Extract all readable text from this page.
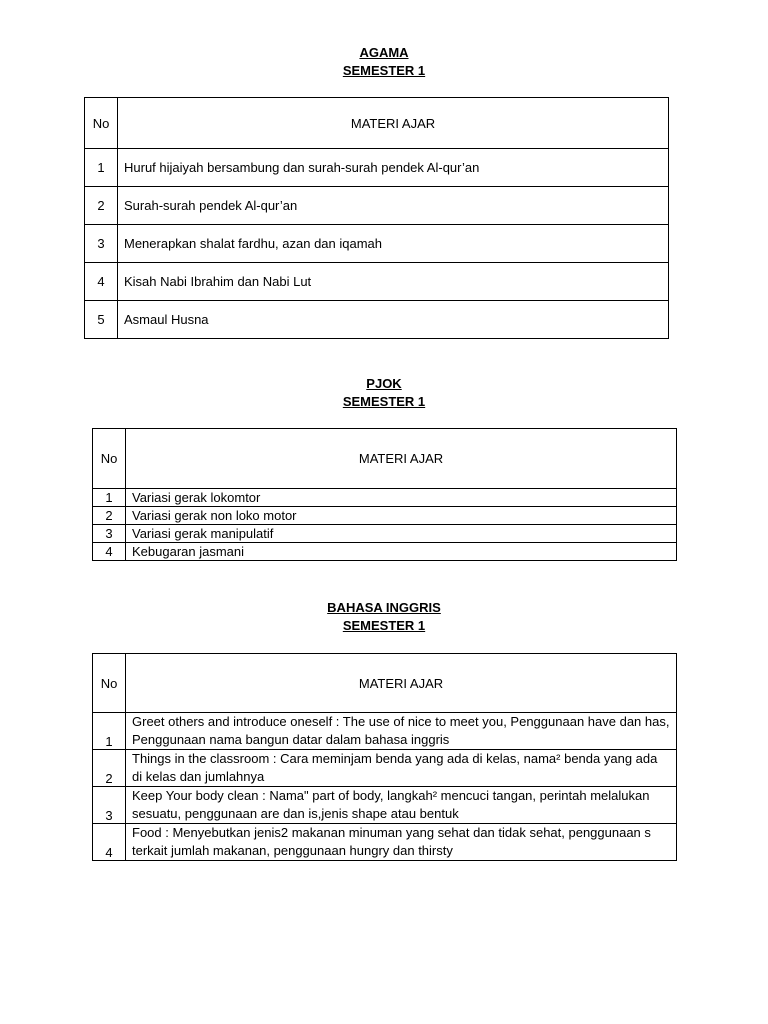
AGAMA
SEMESTER 1
No	MATERI AJAR
1	Huruf hijaiyah bersambung dan surah-surah pendek Al-qur’an
2	Surah-surah pendek Al-qur’an
3	Menerapkan shalat fardhu, azan dan iqamah
4	Kisah Nabi Ibrahim dan Nabi Lut
5	Asmaul Husna
PJOK
SEMESTER 1
No	MATERI AJAR
1	Variasi gerak lokomtor
2	Variasi gerak non loko motor
3	Variasi gerak manipulatif
4	Kebugaran jasmani
BAHASA INGGRIS
SEMESTER 1
No	MATERI AJAR
1	Greet others and introduce oneself : The use of nice to meet you, Penggunaan have dan has, Penggunaan nama bangun datar dalam bahasa inggris
2	Things in the classroom : Cara meminjam benda yang ada di kelas, nama² benda yang ada di kelas dan jumlahnya
3	Keep Your body clean : Nama" part of body, langkah² mencuci tangan, perintah melalukan sesuatu, penggunaan are dan is,jenis shape atau bentuk
4	Food : Menyebutkan jenis2 makanan minuman yang sehat dan tidak sehat, penggunaan s terkait jumlah makanan, penggunaan hungry dan thirsty
